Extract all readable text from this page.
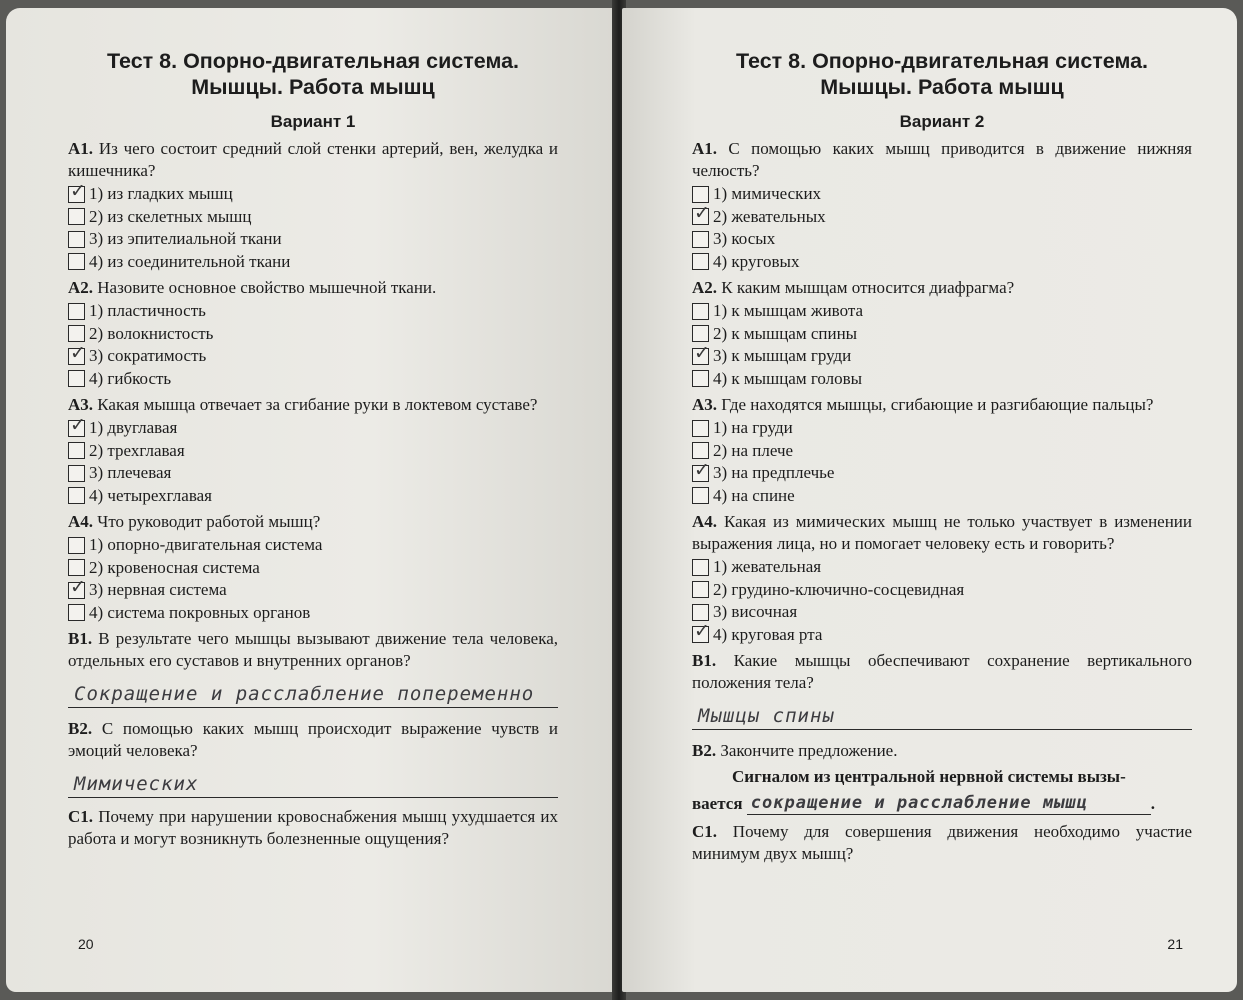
Тест 8. Опорно-двигательная система.
Мышцы. Работа мышц
Вариант 1
А1. Из чего состоит средний слой стенки артерий, вен, желудка и кишечника?
✓ 1) из гладких мышц
2) из скелетных мышц
3) из эпителиальной ткани
4) из соединительной ткани
А2. Назовите основное свойство мышечной ткани.
1) пластичность
2) волокнистость
✓ 3) сократимость
4) гибкость
А3. Какая мышца отвечает за сгибание руки в локтевом суставе?
✓ 1) двуглавая
2) трехглавая
3) плечевая
4) четырехглавая
А4. Что руководит работой мышц?
1) опорно-двигательная система
2) кровеносная система
✓ 3) нервная система
4) система покровных органов
В1. В результате чего мышцы вызывают движение тела человека, отдельных его суставов и внутренних органов?
Сокращение и расслабление попеременно
В2. С помощью каких мышц происходит выражение чувств и эмоций человека?
Мимических
С1. Почему при нарушении кровоснабжения мышц ухудшается их работа и могут возникнуть болезненные ощущения?
20
Тест 8. Опорно-двигательная система.
Мышцы. Работа мышц
Вариант 2
А1. С помощью каких мышц приводится в движение нижняя челюсть?
1) мимических
✓ 2) жевательных
3) косых
4) круговых
А2. К каким мышцам относится диафрагма?
1) к мышцам живота
2) к мышцам спины
✓ 3) к мышцам груди
4) к мышцам головы
А3. Где находятся мышцы, сгибающие и разгибающие пальцы?
1) на груди
2) на плече
✓ 3) на предплечье
4) на спине
А4. Какая из мимических мышц не только участвует в изменении выражения лица, но и помогает человеку есть и говорить?
1) жевательная
2) грудино-ключично-сосцевидная
3) височная
✓ 4) круговая рта
В1. Какие мышцы обеспечивают сохранение вертикального положения тела?
Мышцы спины
В2. Закончите предложение.
Сигналом из центральной нервной системы вызы-
вается сокращение и расслабление мышц	.
С1. Почему для совершения движения необходимо участие минимум двух мышц?
21
